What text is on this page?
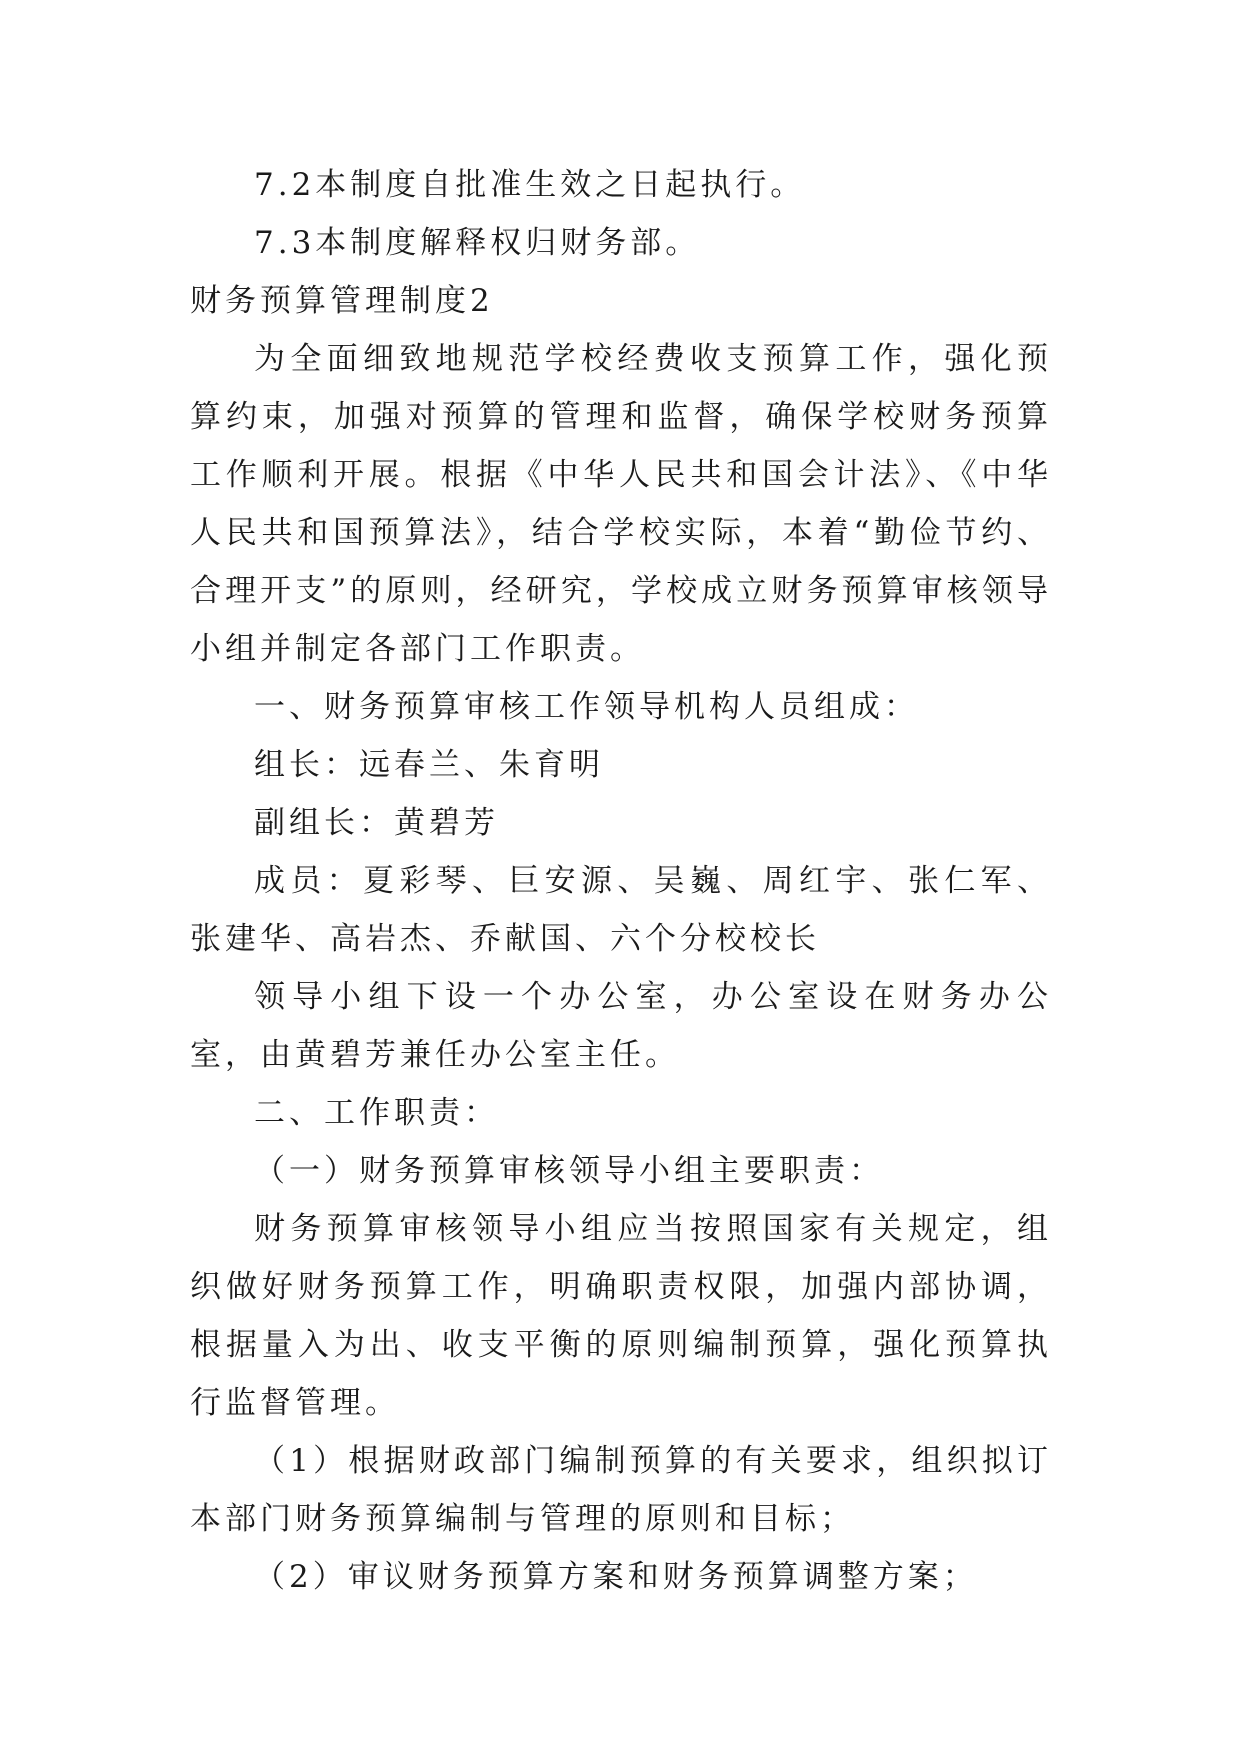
7.2本制度自批准生效之日起执行。

7.3本制度解释权归财务部。

财务预算管理制度2

为全面细致地规范学校经费收支预算工作，强化预算约束，加强对预算的管理和监督，确保学校财务预算工作顺利开展。根据《中华人民共和国会计法》、《中华人民共和国预算法》，结合学校实际，本着“勤俭节约、合理开支”的原则，经研究，学校成立财务预算审核领导小组并制定各部门工作职责。

一、财务预算审核工作领导机构人员组成：

组长：远春兰、朱育明

副组长：黄碧芳

成员：夏彩琴、巨安源、吴巍、周红宇、张仁军、张建华、高岩杰、乔献国、六个分校校长

领导小组下设一个办公室，办公室设在财务办公室，由黄碧芳兼任办公室主任。

二、工作职责：

（一）财务预算审核领导小组主要职责：

财务预算审核领导小组应当按照国家有关规定，组织做好财务预算工作，明确职责权限，加强内部协调，根据量入为出、收支平衡的原则编制预算，强化预算执行监督管理。

（1）根据财政部门编制预算的有关要求，组织拟订本部门财务预算编制与管理的原则和目标；

（2）审议财务预算方案和财务预算调整方案；
